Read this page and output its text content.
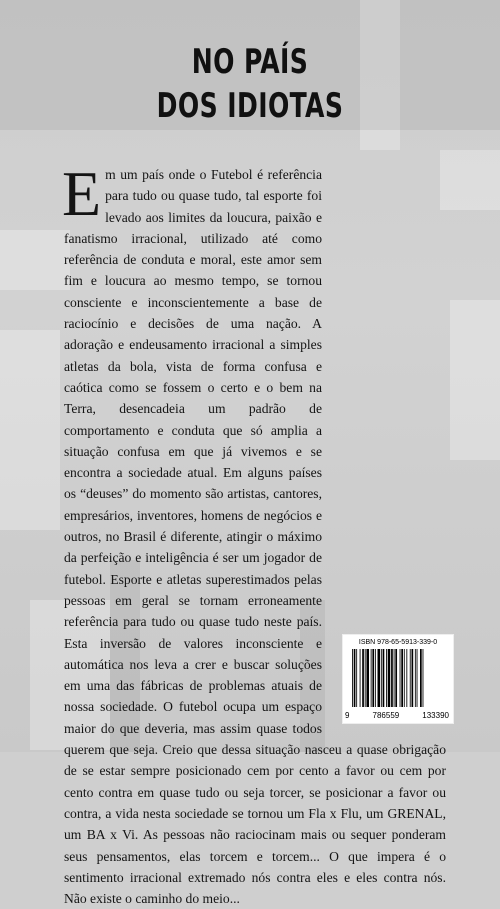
NO PAÍS
DOS IDIOTAS
E m um país onde o Futebol é referência para tudo ou quase tudo, tal esporte foi levado aos limites da loucura, paixão e fanatismo irracional, utilizado até como referência de conduta e moral, este amor sem fim e loucura ao mesmo tempo, se tornou consciente e inconscientemente a base de raciocínio e decisões de uma nação. A adoração e endeusamento irracional a simples atletas da bola, vista de forma confusa e caótica como se fossem o certo e o bem na Terra, desencadeia um padrão de comportamento e conduta que só amplia a situação confusa em que já vivemos e se encontra a sociedade atual. Em alguns países os “deuses” do momento são artistas, cantores, empresários, inventores, homens de negócios e outros, no Brasil é diferente, atingir o máximo da perfeição e inteligência é ser um jogador de futebol. Esporte e atletas superestimados pelas pessoas em geral se tornam erroneamente referência para tudo ou quase tudo neste país. Esta inversão de valores inconsciente e automática nos leva a crer e buscar soluções em uma das fábricas de problemas atuais de nossa sociedade. O futebol ocupa um espaço maior do que deveria, mas assim quase todos querem que seja. Creio que dessa situação nasceu a quase obrigação de se estar sempre posicionado cem por cento a favor ou cem por cento contra em quase tudo ou seja torcer, se posicionar a favor ou contra, a vida nesta sociedade se tornou um Fla x Flu, um GRENAL, um BA x Vi. As pessoas não raciocinam mais ou sequer ponderam seus pensamentos, elas torcem e torcem... O que impera é o sentimento irracional extremado nós contra eles e eles contra nós. Não existe o caminho do meio...
ISBN 978-65-5913-339-0
9	786559	133390
